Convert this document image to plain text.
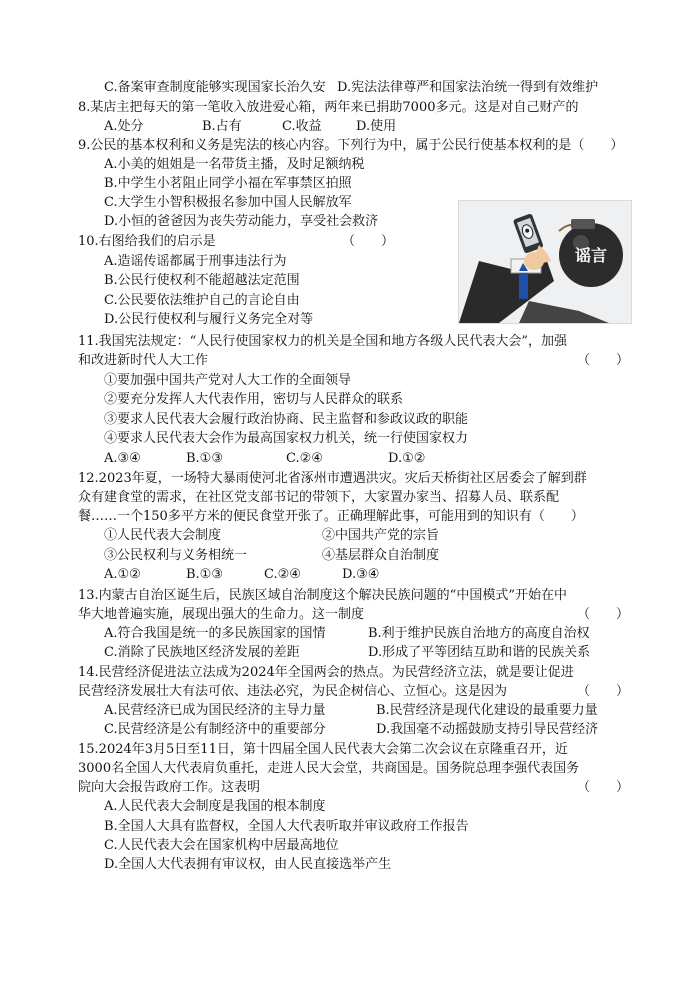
C.备案审查制度能够实现国家长治久安 D.宪法法律尊严和国家法治统一得到有效维护
8.某店主把每天的第一笔收入放进爱心箱，两年来已捐助7000多元。这是对自己财产的
A.处分	B.占有	C.收益	D.使用
9.公民的基本权利和义务是宪法的核心内容。下列行为中，属于公民行使基本权利的是（　　）
A.小美的姐姐是一名带货主播，及时足额纳税
B.中学生小茗阻止同学小福在军事禁区拍照
C.大学生小智积极报名参加中国人民解放军
D.小恒的爸爸因为丧失劳动能力，享受社会救济
10.右图给我们的启示是	（　　）
A.造谣传谣都属于刑事违法行为
B.公民行使权利不能超越法定范围
C.公民要依法维护自己的言论自由
D.公民行使权利与履行义务完全对等
谣言
11.我国宪法规定：“人民行使国家权力的机关是全国和地方各级人民代表大会”，加强
和改进新时代人大工作	（　　）
①要加强中国共产党对人大工作的全面领导
②要充分发挥人大代表作用，密切与人民群众的联系
③要求人民代表大会履行政治协商、民主监督和参政议政的职能
④要求人民代表大会作为最高国家权力机关，统一行使国家权力
A.③④	B.①③	C.②④	D.①②
12.2023年夏，一场特大暴雨使河北省涿州市遭遇洪灾。灾后天桥街社区居委会了解到群
众有建食堂的需求，在社区党支部书记的带领下，大家置办家当、招募人员、联系配
餐……一个150多平方米的便民食堂开张了。正确理解此事，可能用到的知识有（　　）
①人民代表大会制度	②中国共产党的宗旨
③公民权利与义务相统一	④基层群众自治制度
A.①②	B.①③	C.②④	D.③④
13.内蒙古自治区诞生后，民族区域自治制度这个解决民族问题的“中国模式”开始在中
华大地普遍实施，展现出强大的生命力。这一制度	（　　）
A.符合我国是统一的多民族国家的国情	B.利于维护民族自治地方的高度自治权
C.消除了民族地区经济发展的差距	D.形成了平等团结互助和谐的民族关系
14.民营经济促进法立法成为2024年全国两会的热点。为民营经济立法，就是要让促进
民营经济发展壮大有法可依、违法必究，为民企树信心、立恒心。这是因为	（　　）
A.民营经济已成为国民经济的主导力量	B.民营经济是现代化建设的最重要力量
C.民营经济是公有制经济中的重要部分	D.我国毫不动摇鼓励支持引导民营经济
15.2024年3月5日至11日，第十四届全国人民代表大会第二次会议在京隆重召开，近
3000名全国人大代表肩负重托，走进人民大会堂，共商国是。国务院总理李强代表国务
院向大会报告政府工作。这表明	（　　）
A.人民代表大会制度是我国的根本制度
B.全国人大具有监督权，全国人大代表听取并审议政府工作报告
C.人民代表大会在国家机构中居最高地位
D.全国人大代表拥有审议权，由人民直接选举产生
